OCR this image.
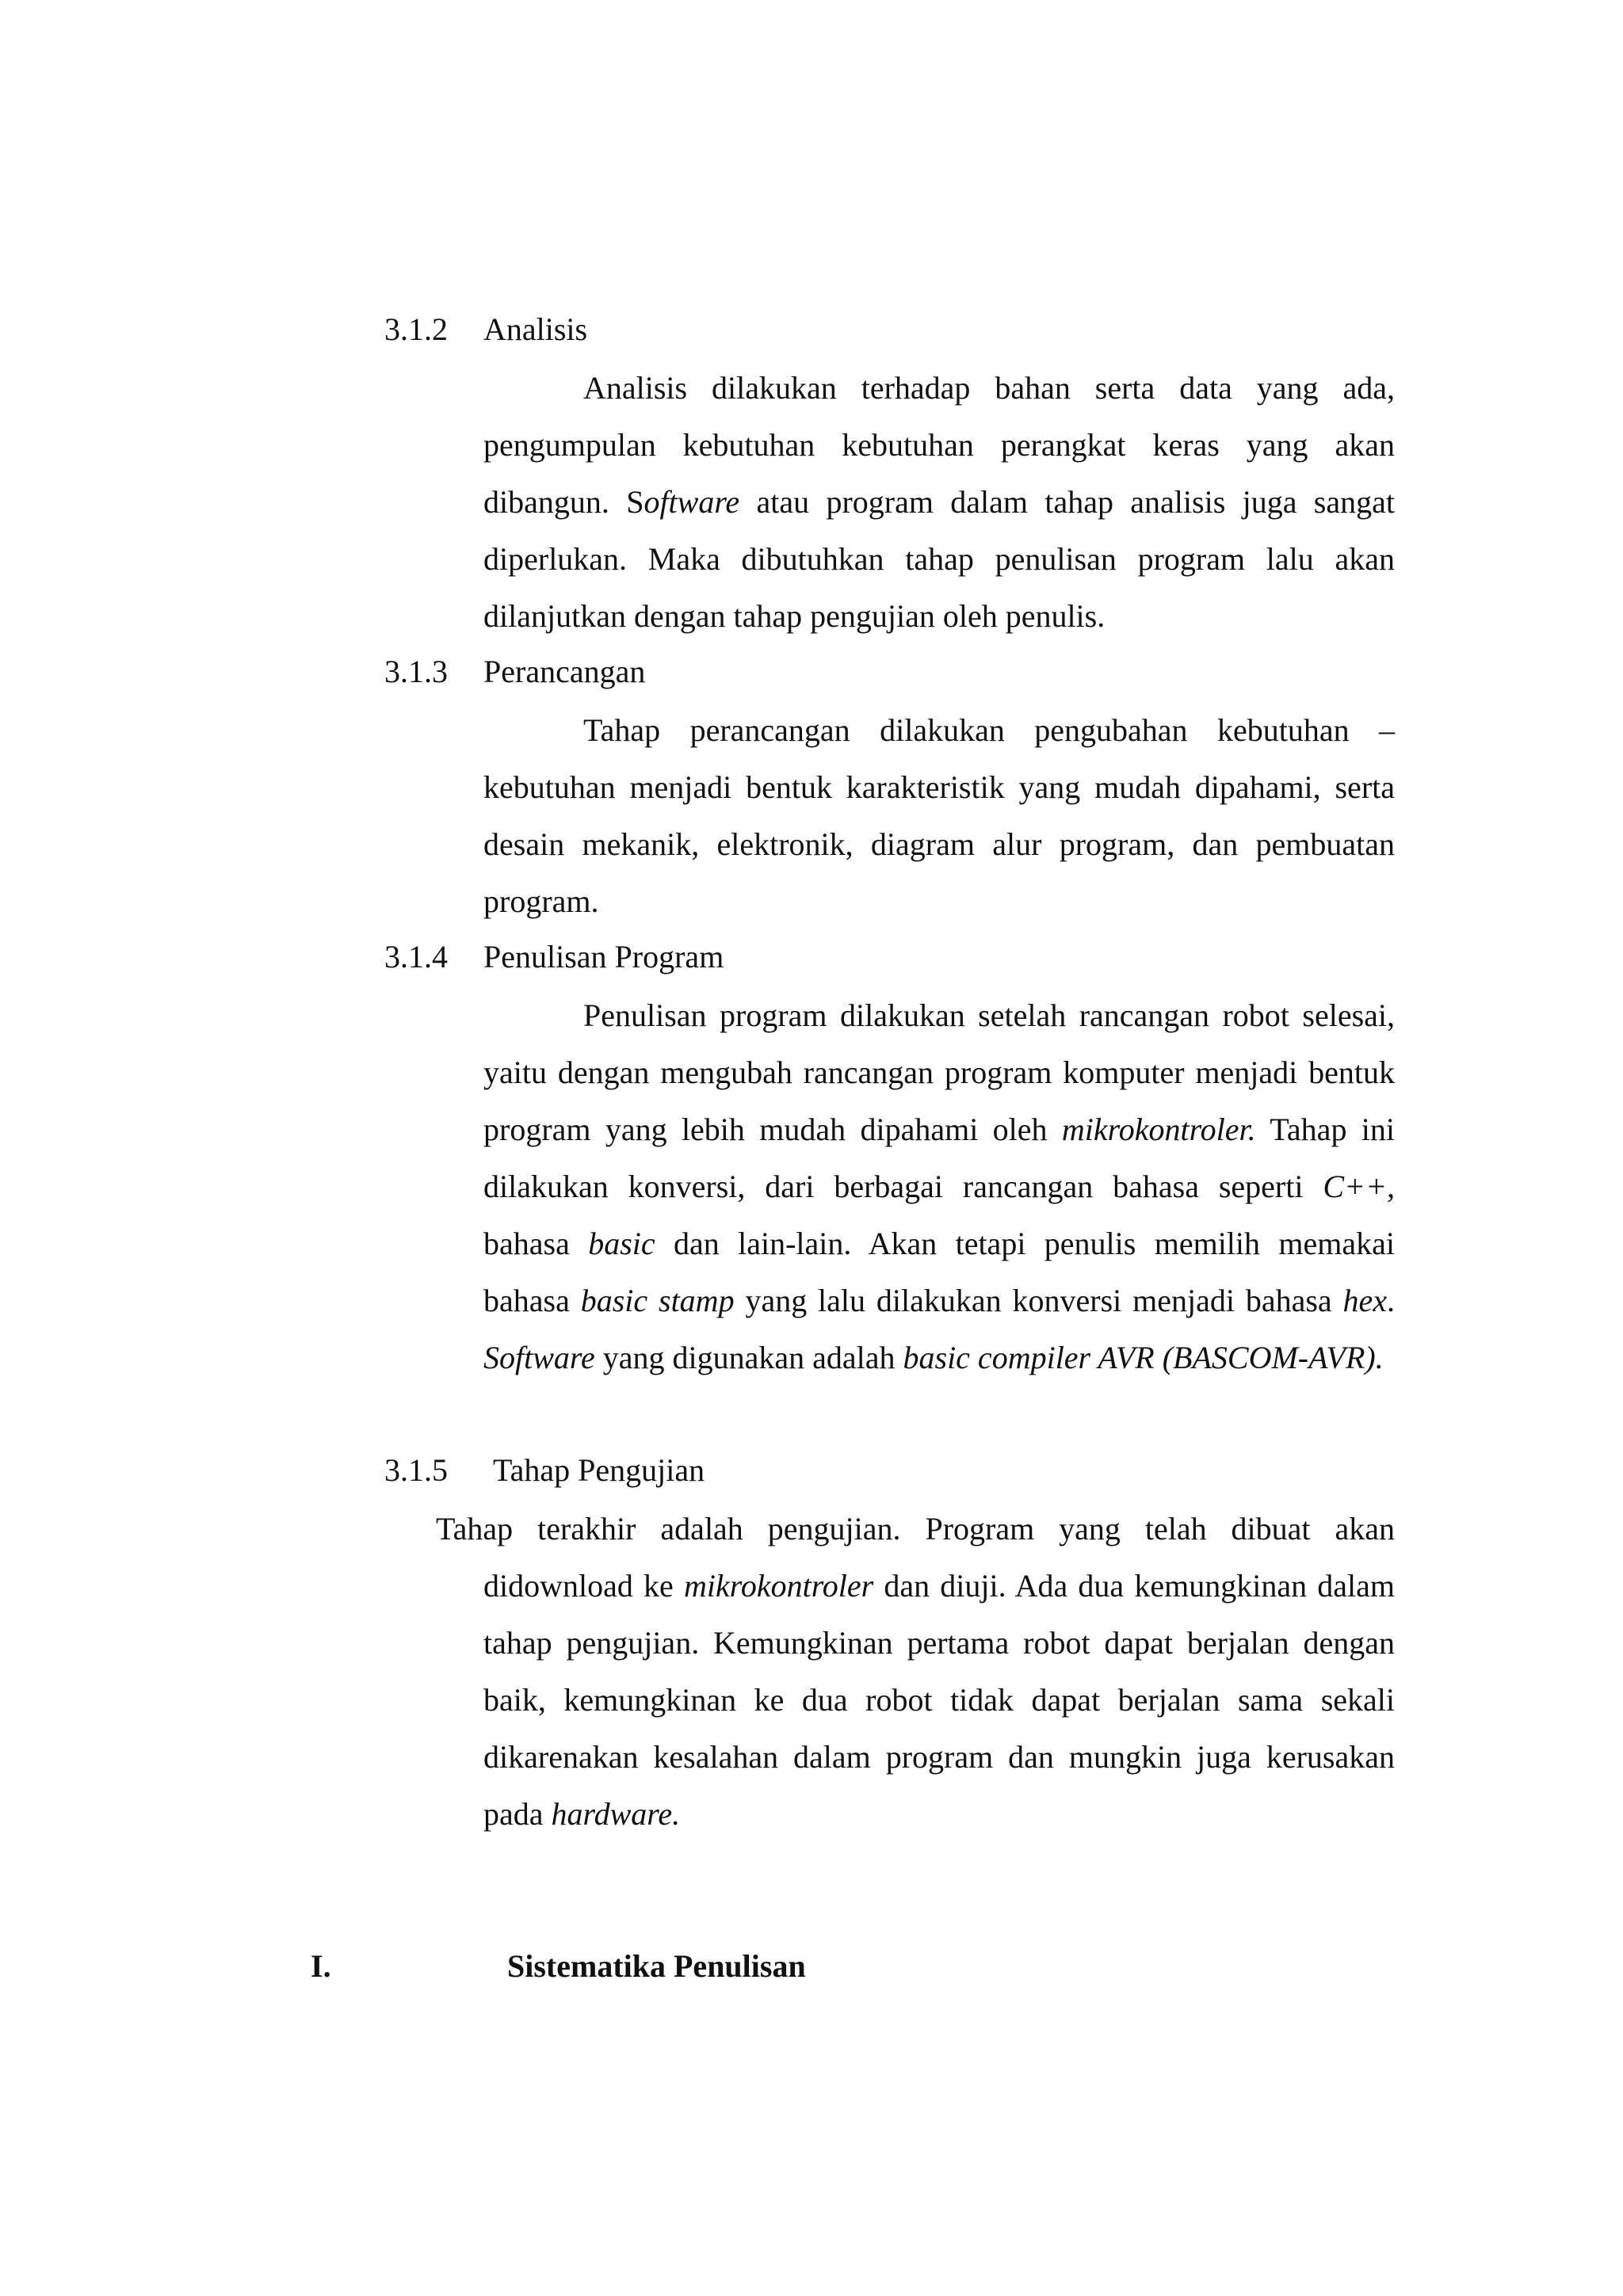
3.1.2 Analisis

Analisis dilakukan terhadap bahan serta data yang ada, pengumpulan kebutuhan kebutuhan perangkat keras yang akan dibangun. Software atau program dalam tahap analisis juga sangat diperlukan. Maka dibutuhkan tahap penulisan program lalu akan dilanjutkan dengan tahap pengujian oleh penulis.

3.1.3 Perancangan

Tahap perancangan dilakukan pengubahan kebutuhan – kebutuhan menjadi bentuk karakteristik yang mudah dipahami, serta desain mekanik, elektronik, diagram alur program, dan pembuatan program.

3.1.4 Penulisan Program

Penulisan program dilakukan setelah rancangan robot selesai, yaitu dengan mengubah rancangan program komputer menjadi bentuk program yang lebih mudah dipahami oleh mikrokontroler. Tahap ini dilakukan konversi, dari berbagai rancangan bahasa seperti C++, bahasa basic dan lain-lain. Akan tetapi penulis memilih memakai bahasa basic stamp yang lalu dilakukan konversi menjadi bahasa hex. Software yang digunakan adalah basic compiler AVR (BASCOM-AVR).

3.1.5 Tahap Pengujian

Tahap terakhir adalah pengujian. Program yang telah dibuat akan didownload ke mikrokontroler dan diuji. Ada dua kemungkinan dalam tahap pengujian. Kemungkinan pertama robot dapat berjalan dengan baik, kemungkinan ke dua robot tidak dapat berjalan sama sekali dikarenakan kesalahan dalam program dan mungkin juga kerusakan pada hardware.

I.	Sistematika Penulisan
